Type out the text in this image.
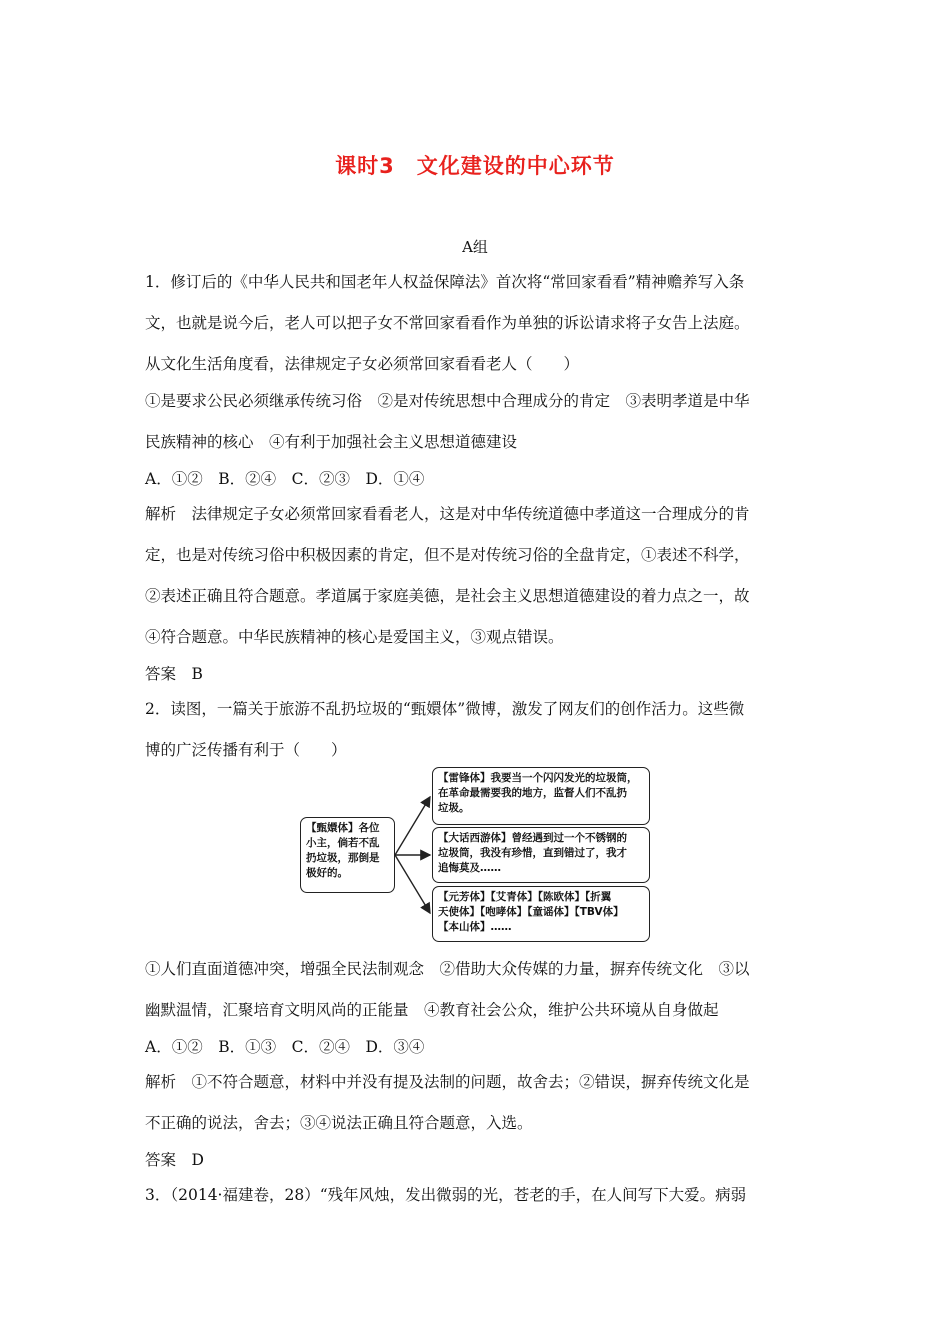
课时3　文化建设的中心环节
A组
1．修订后的《中华人民共和国老年人权益保障法》首次将“常回家看看”精神赡养写入条
文，也就是说今后，老人可以把子女不常回家看看作为单独的诉讼请求将子女告上法庭。
从文化生活角度看，法律规定子女必须常回家看看老人（　　）
①是要求公民必须继承传统习俗　②是对传统思想中合理成分的肯定　③表明孝道是中华
民族精神的核心　④有利于加强社会主义思想道德建设
A．①②　B．②④　C．②③　D．①④
解析　法律规定子女必须常回家看看老人，这是对中华传统道德中孝道这一合理成分的肯
定，也是对传统习俗中积极因素的肯定，但不是对传统习俗的全盘肯定，①表述不科学，
②表述正确且符合题意。孝道属于家庭美德，是社会主义思想道德建设的着力点之一，故
④符合题意。中华民族精神的核心是爱国主义，③观点错误。
答案　B
2．读图，一篇关于旅游不乱扔垃圾的“甄嬛体”微博，激发了网友们的创作活力。这些微
博的广泛传播有利于（　　）
【甄嬛体】各位
小主，倘若不乱
扔垃圾，那倒是
极好的。
【雷锋体】我要当一个闪闪发光的垃圾筒，
在革命最需要我的地方，监督人们不乱扔
垃圾。
【大话西游体】曾经遇到过一个不锈钢的
垃圾筒，我没有珍惜，直到错过了，我才
追悔莫及……
【元芳体】【艾青体】【陈欧体】【折翼
天使体】【咆哮体】【童谣体】【TBV体】
【本山体】……
①人们直面道德冲突，增强全民法制观念　②借助大众传媒的力量，摒弃传统文化　③以
幽默温情，汇聚培育文明风尚的正能量　④教育社会公众，维护公共环境从自身做起
A．①②　B．①③　C．②④　D．③④
解析　①不符合题意，材料中并没有提及法制的问题，故舍去；②错误，摒弃传统文化是
不正确的说法，舍去；③④说法正确且符合题意，入选。
答案　D
3．（2014·福建卷，28）“残年风烛，发出微弱的光，苍老的手，在人间写下大爱。病弱
